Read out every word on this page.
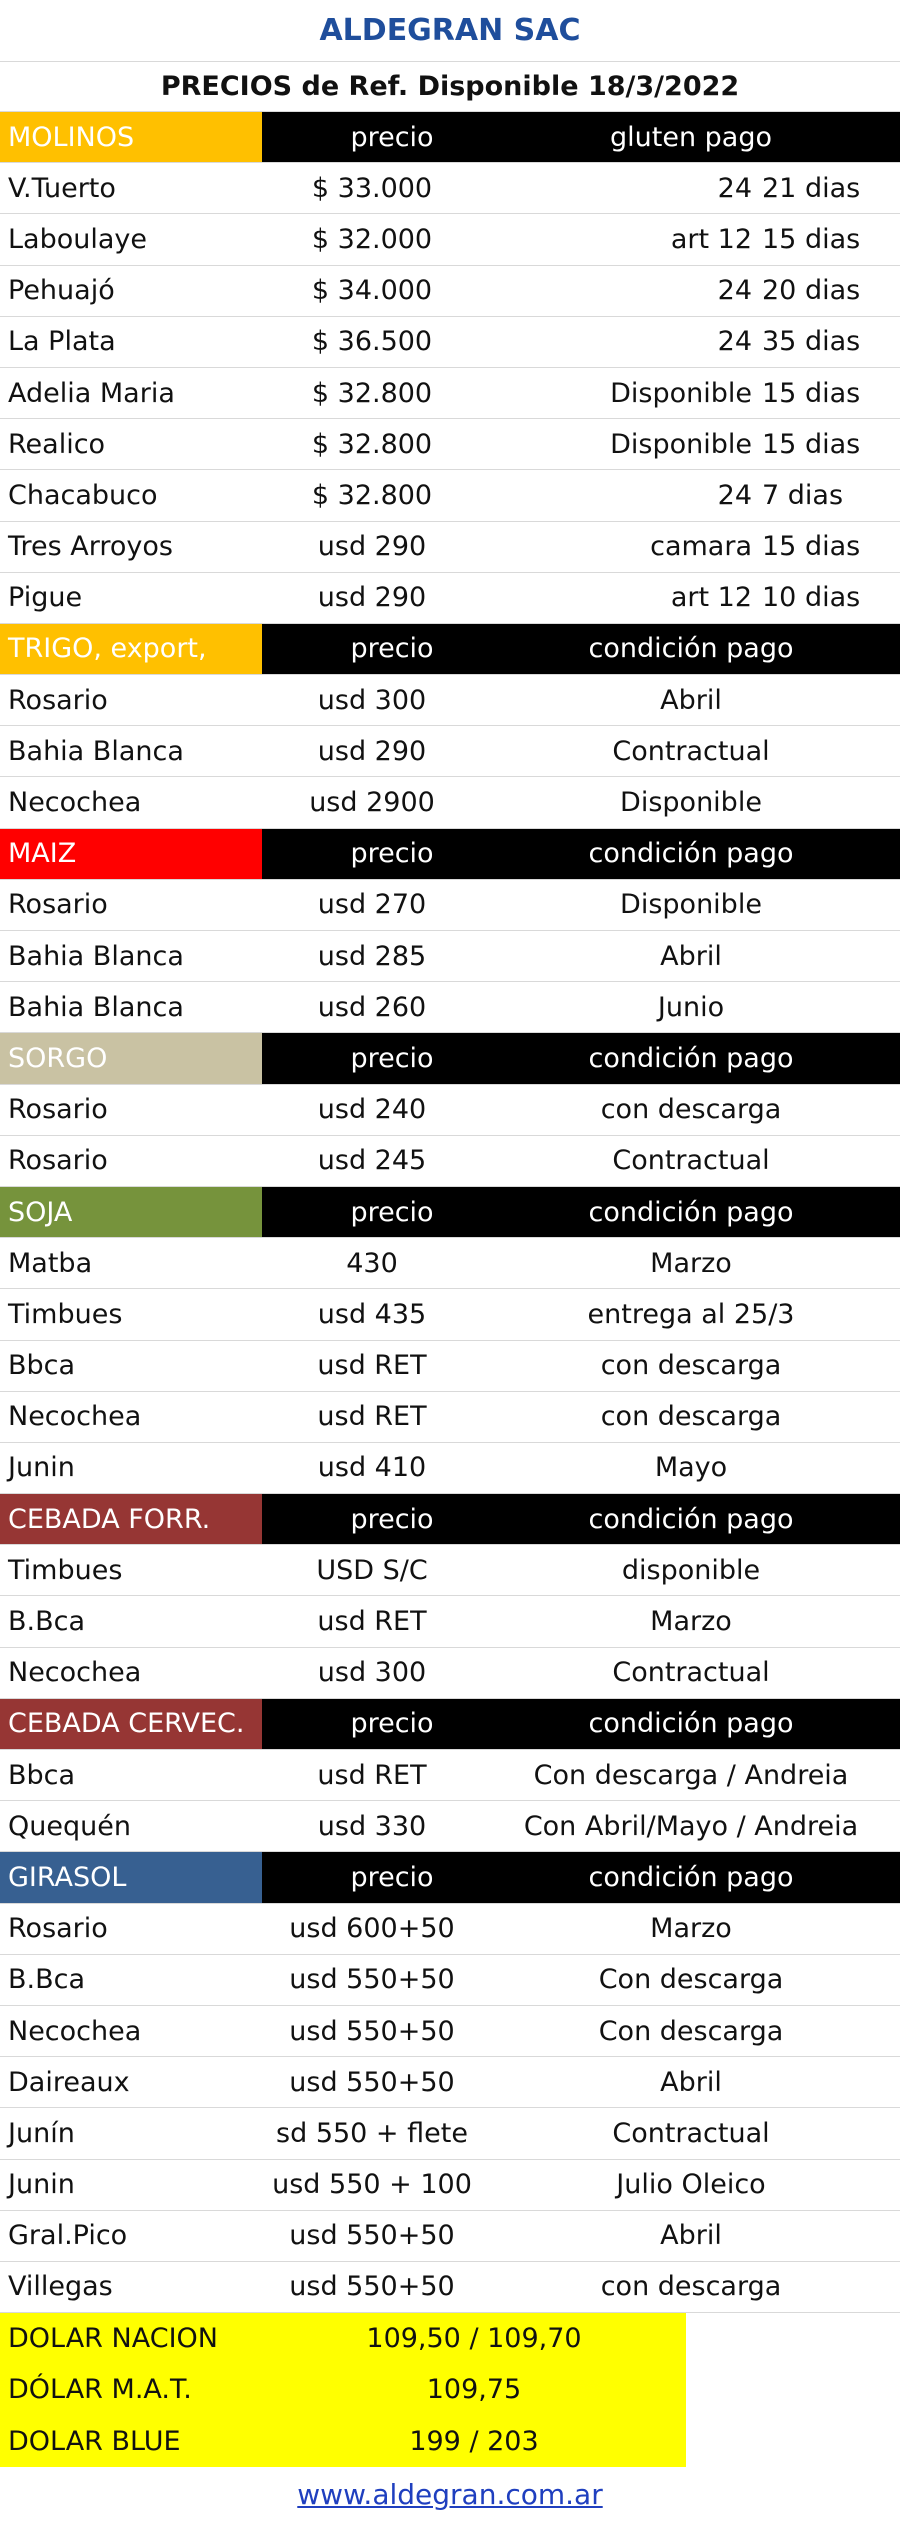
ALDEGRAN SAC
PRECIOS de Ref. Disponible 18/3/2022
MOLINOS	precio	gluten pago
V.Tuerto	$ 33.000	24 21 dias
Laboulaye	$ 32.000	art 12 15 dias
Pehuajó	$ 34.000	24 20 dias
La Plata	$ 36.500	24 35 dias
Adelia Maria	$ 32.800	Disponible 15 dias
Realico	$ 32.800	Disponible 15 dias
Chacabuco	$ 32.800	24 7 dias
Tres Arroyos	usd 290	camara 15 dias
Pigue	usd 290	art 12 10 dias
TRIGO, export,	precio	condición pago
Rosario	usd 300	Abril
Bahia Blanca	usd 290	Contractual
Necochea	usd 2900	Disponible
MAIZ	precio	condición pago
Rosario	usd 270	Disponible
Bahia Blanca	usd 285	Abril
Bahia Blanca	usd 260	Junio
SORGO	precio	condición pago
Rosario	usd 240	con descarga
Rosario	usd 245	Contractual
SOJA	precio	condición pago
Matba	430	Marzo
Timbues	usd 435	entrega al 25/3
Bbca	usd RET	con descarga
Necochea	usd RET	con descarga
Junin	usd 410	Mayo
CEBADA FORR.	precio	condición pago
Timbues	USD S/C	disponible
B.Bca	usd RET	Marzo
Necochea	usd 300	Contractual
CEBADA CERVEC.	precio	condición pago
Bbca	usd RET	Con descarga / Andreia
Quequén	usd 330	Con Abril/Mayo / Andreia
GIRASOL	precio	condición pago
Rosario	usd 600+50	Marzo
B.Bca	usd 550+50	Con descarga
Necochea	usd 550+50	Con descarga
Daireaux	usd 550+50	Abril
Junín	sd 550 + flete	Contractual
Junin	usd 550 + 100	Julio Oleico
Gral.Pico	usd 550+50	Abril
Villegas	usd 550+50	con descarga
DOLAR NACION	109,50 / 109,70
DÓLAR M.A.T.	109,75
DOLAR BLUE	199 / 203
www.aldegran.com.ar
